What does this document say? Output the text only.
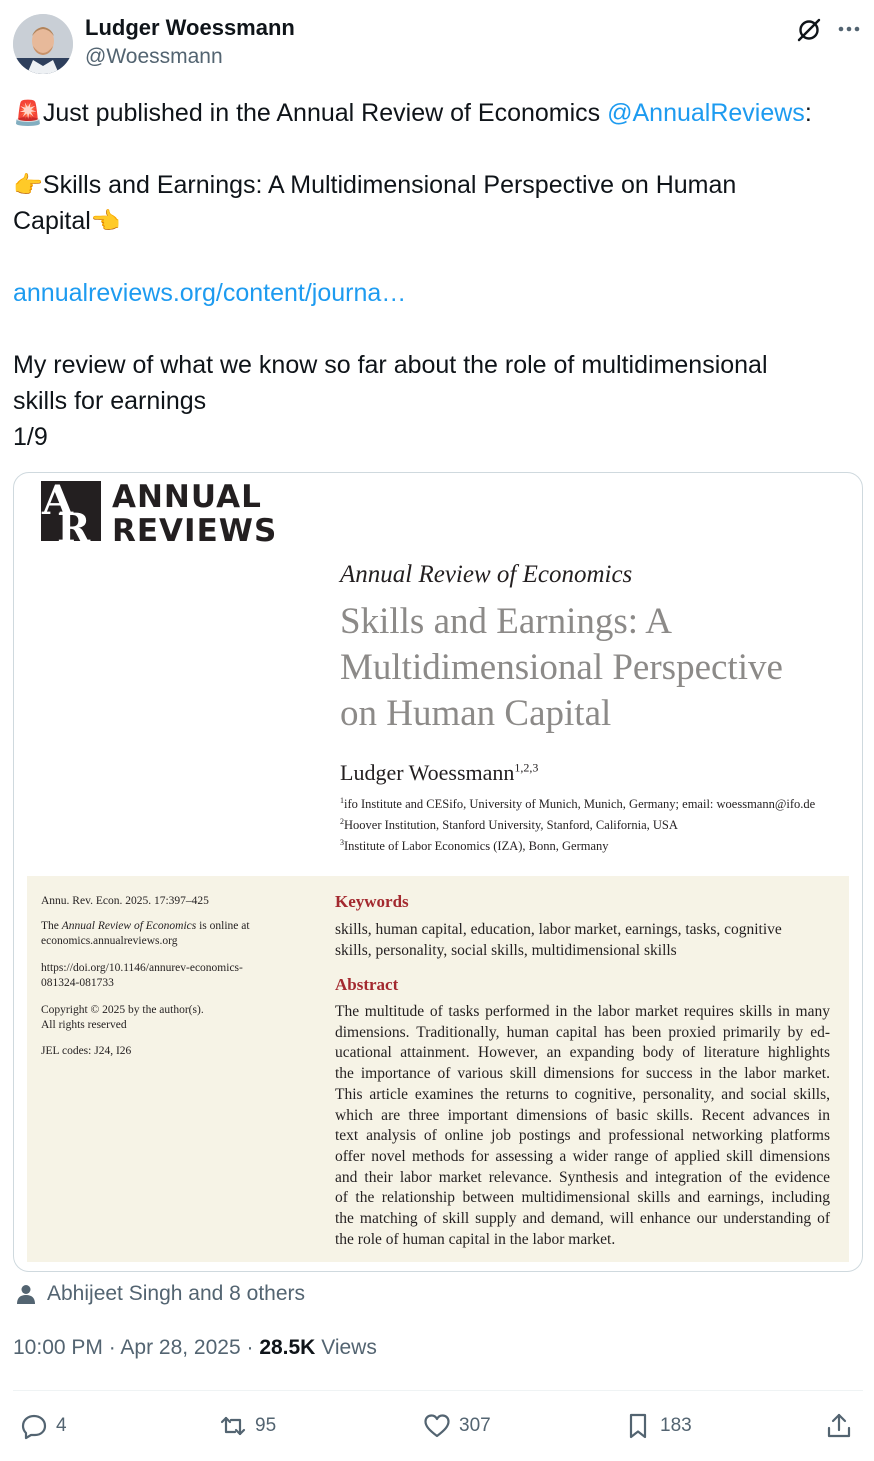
Ludger Woessmann
@Woessmann
🚨Just published in the Annual Review of Economics @AnnualReviews:
👉Skills and Earnings: A Multidimensional Perspective on Human
Capital👈
annualreviews.org/content/journa…
My review of what we know so far about the role of multidimensional
skills for earnings
1/9
A
R
ANNUAL
REVIEWS
Annual Review of Economics
Skills and Earnings: A
Multidimensional Perspective
on Human Capital
Ludger Woessmann$^{1,2,3}$
$^1$ifo Institute and CESifo, University of Munich, Munich, Germany; email: woessmann@ifo.de
$^2$Hoover Institution, Stanford University, Stanford, California, USA
$^3$Institute of Labor Economics (IZA), Bonn, Germany
Annu. Rev. Econ. 2025. 17:397–425
The Annual Review of Economics is online at
economics.annualreviews.org
https://doi.org/10.1146/annurev-economics-
081324-081733
Copyright © 2025 by the author(s).
All rights reserved
JEL codes: J24, I26
Keywords
skills, human capital, education, labor market, earnings, tasks, cognitive
skills, personality, social skills, multidimensional skills
Abstract
The multitude of tasks performed in the labor market requires skills in many
dimensions. Traditionally, human capital has been proxied primarily by ed-
ucational attainment. However, an expanding body of literature highlights
the importance of various skill dimensions for success in the labor market.
This article examines the returns to cognitive, personality, and social skills,
which are three important dimensions of basic skills. Recent advances in
text analysis of online job postings and professional networking platforms
offer novel methods for assessing a wider range of applied skill dimensions
and their labor market relevance. Synthesis and integration of the evidence
of the relationship between multidimensional skills and earnings, including
the matching of skill supply and demand, will enhance our understanding of
the role of human capital in the labor market.
Abhijeet Singh and 8 others
10:00 PM · Apr 28, 2025 · 28.5K Views
4	95	307	183
